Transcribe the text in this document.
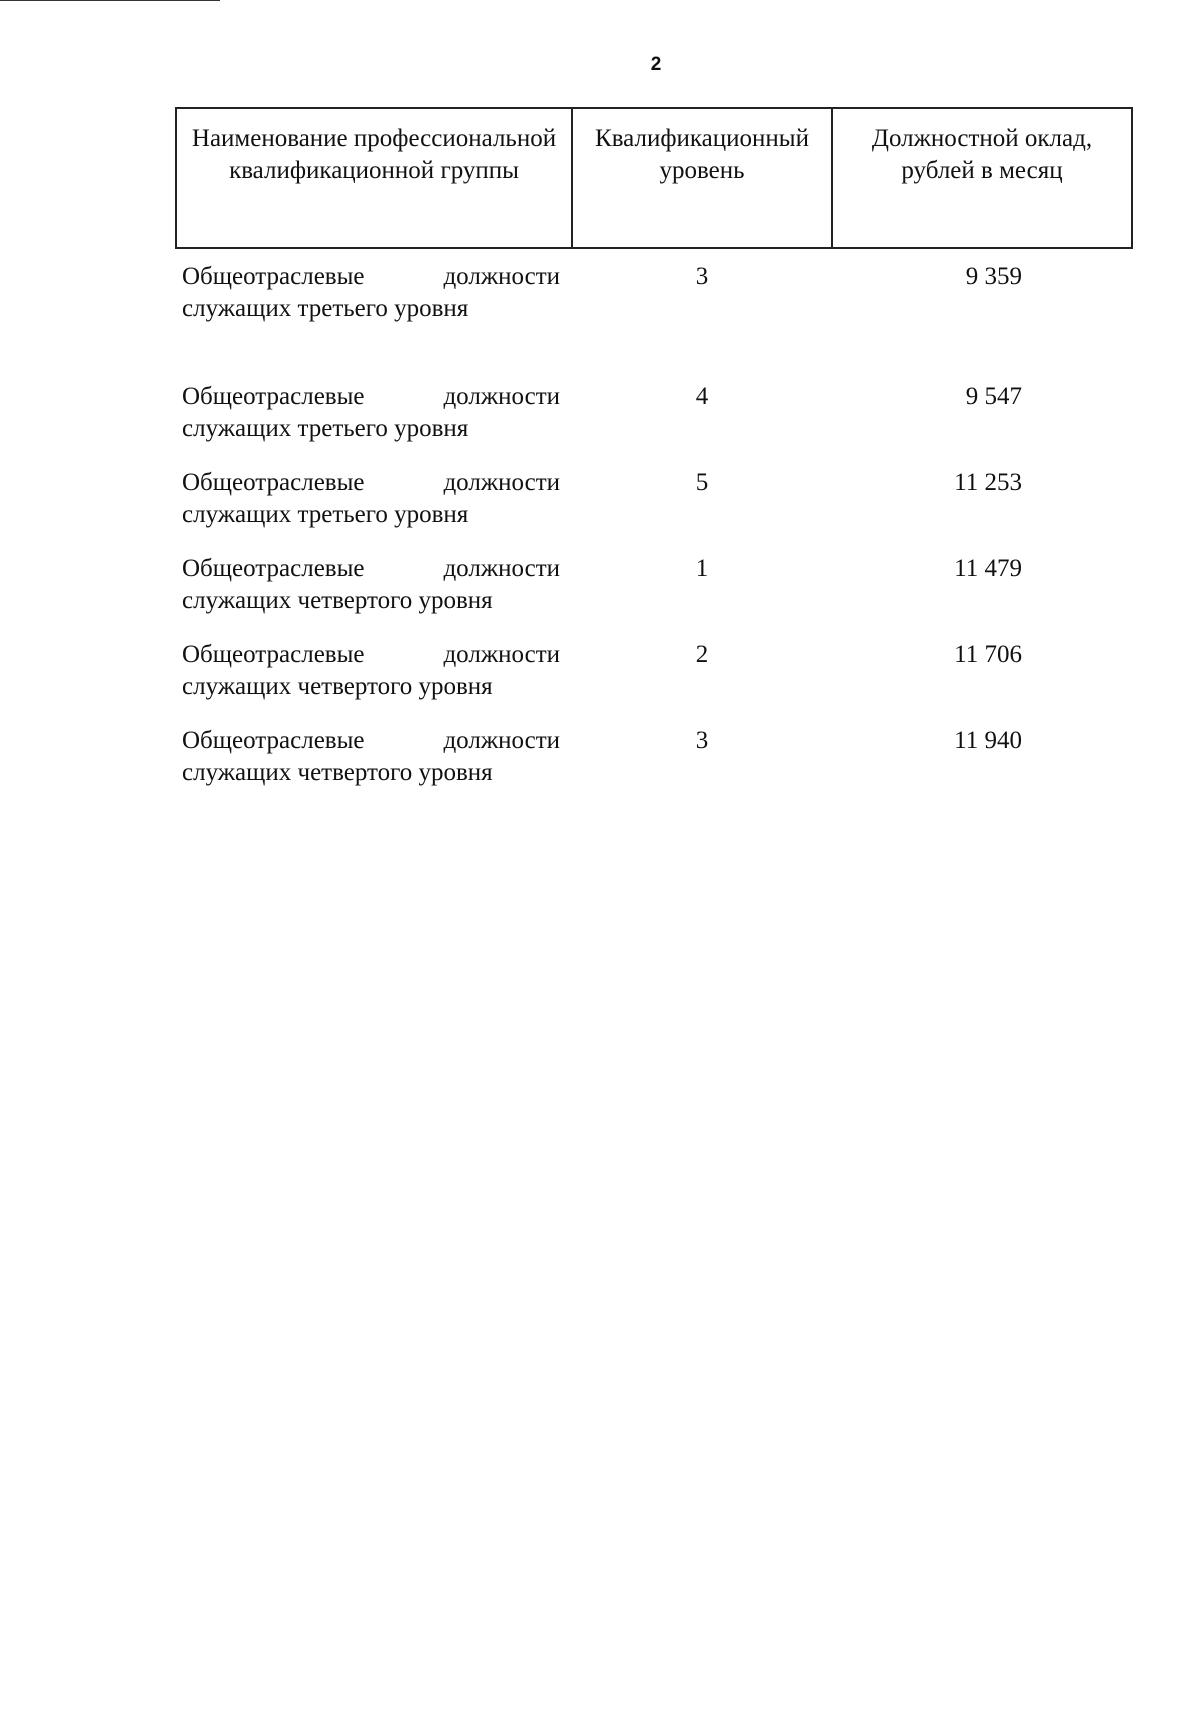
2
Наименование профессиональной квалификационной группы	Квалификационный уровень	Должностной оклад, рублей в месяц
Общеотраслевые должности служащих третьего уровня	3	9 359
Общеотраслевые должности служащих третьего уровня	4	9 547
Общеотраслевые должности служащих третьего уровня	5	11 253
Общеотраслевые должности служащих четвертого уровня	1	11 479
Общеотраслевые должности служащих четвертого уровня	2	11 706
Общеотраслевые должности служащих четвертого уровня	3	11 940
